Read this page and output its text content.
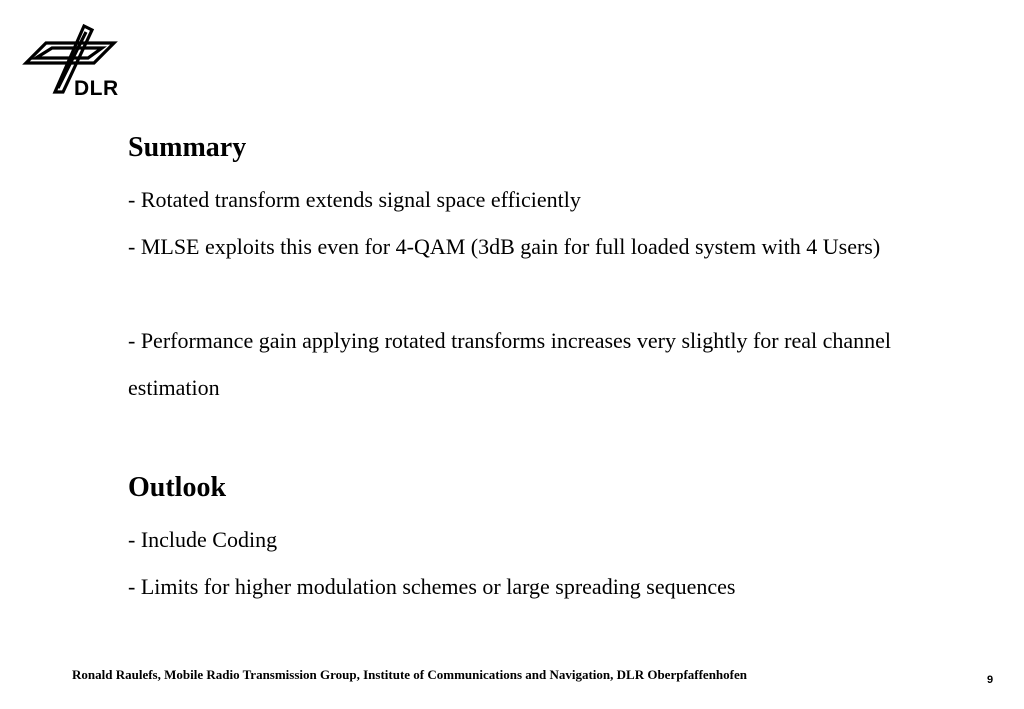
DLR
Summary
- Rotated transform extends signal space efficiently
- MLSE exploits this even for 4-QAM (3dB gain for full loaded system with 4 Users)
- Performance gain applying rotated transforms increases very slightly for real channel estimation
Outlook
- Include Coding
- Limits for higher modulation schemes or large spreading sequences
Ronald Raulefs, Mobile Radio Transmission Group, Institute of Communications and Navigation, DLR Oberpfaffenhofen	9
